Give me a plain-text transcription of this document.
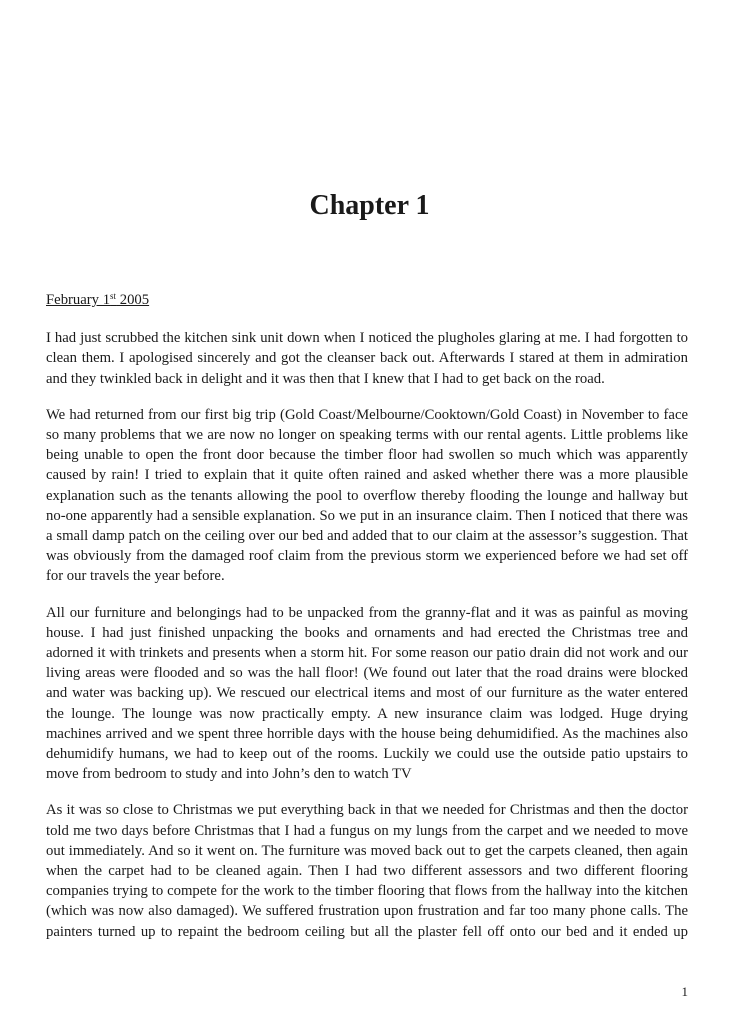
Chapter 1

February 1st 2005

I had just scrubbed the kitchen sink unit down when I noticed the plugholes glaring at me. I had forgotten to clean them. I apologised sincerely and got the cleanser back out. Afterwards I stared at them in admiration and they twinkled back in delight and it was then that I knew that I had to get back on the road.

We had returned from our first big trip (Gold Coast/Melbourne/Cooktown/Gold Coast) in November to face so many problems that we are now no longer on speaking terms with our rental agents. Little problems like being unable to open the front door because the timber floor had swollen so much which was apparently caused by rain! I tried to explain that it quite often rained and asked whether there was a more plausible explanation such as the tenants allowing the pool to overflow thereby flooding the lounge and hallway but no-one apparently had a sensible explanation. So we put in an insurance claim. Then I noticed that there was a small damp patch on the ceiling over our bed and added that to our claim at the assessor’s suggestion. That was obviously from the damaged roof claim from the previous storm we experienced before we had set off for our travels the year before.

All our furniture and belongings had to be unpacked from the granny-flat and it was as painful as moving house. I had just finished unpacking the books and ornaments and had erected the Christmas tree and adorned it with trinkets and presents when a storm hit. For some reason our patio drain did not work and our living areas were flooded and so was the hall floor! (We found out later that the road drains were blocked and water was backing up). We rescued our electrical items and most of our furniture as the water entered the lounge. The lounge was now practically empty. A new insurance claim was lodged. Huge drying machines arrived and we spent three horrible days with the house being dehumidified. As the machines also dehumidify humans, we had to keep out of the rooms. Luckily we could use the outside patio upstairs to move from bedroom to study and into John’s den to watch TV

As it was so close to Christmas we put everything back in that we needed for Christmas and then the doctor told me two days before Christmas that I had a fungus on my lungs from the carpet and we needed to move out immediately. And so it went on. The furniture was moved back out to get the carpets cleaned, then again when the carpet had to be cleaned again. Then I had two different assessors and two different flooring companies trying to compete for the work to the timber flooring that flows from the hallway into the kitchen (which was now also damaged). We suffered frustration upon frustration and far too many phone calls. The painters turned up to repaint the bedroom ceiling but all the plaster fell off onto our bed and it ended up

1
